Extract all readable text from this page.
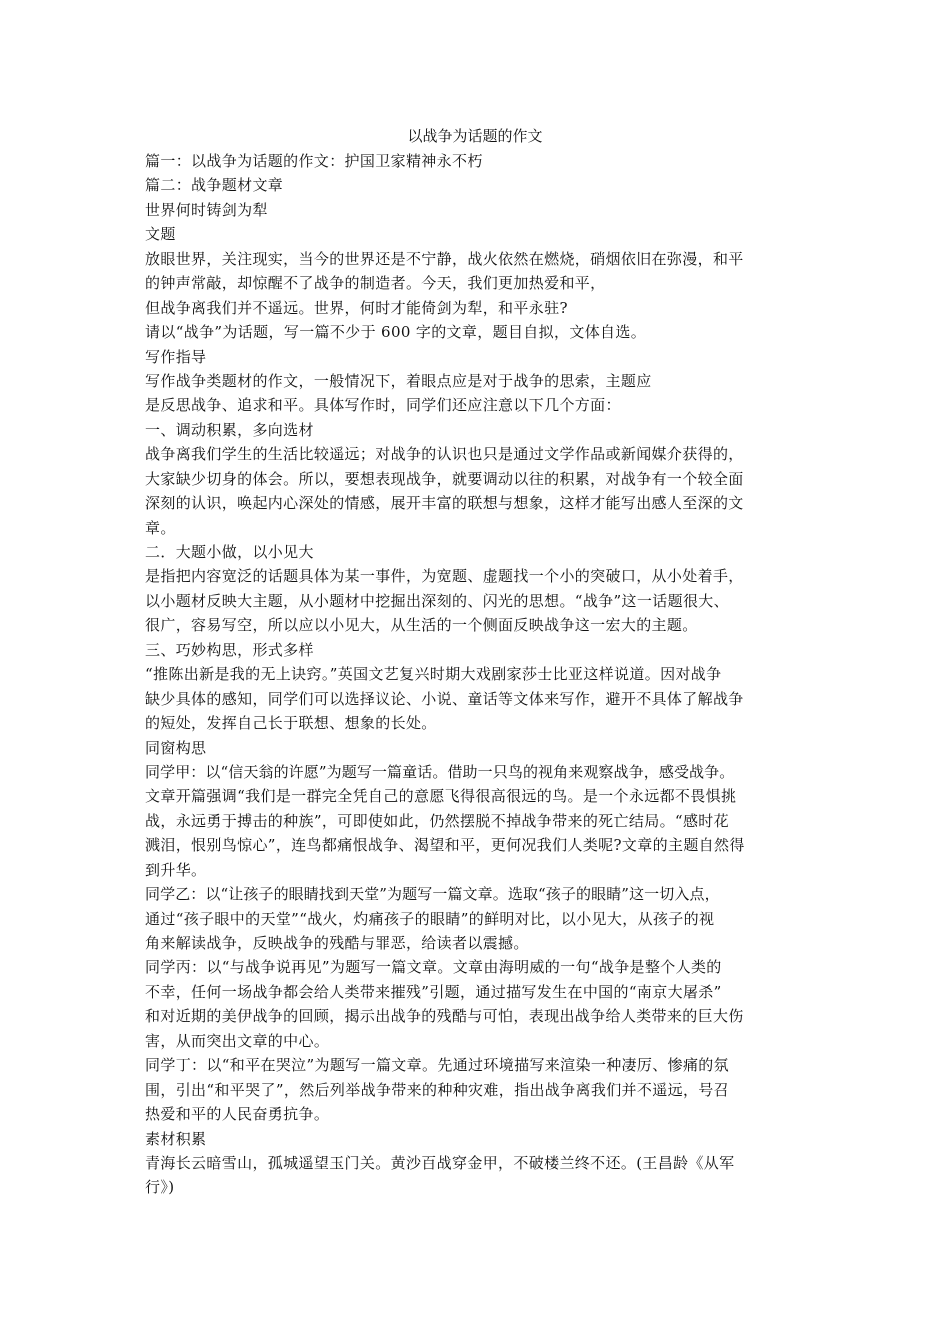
以战争为话题的作文
篇一：以战争为话题的作文：护国卫家精神永不朽
篇二：战争题材文章
世界何时铸剑为犁
文题
放眼世界，关注现实，当今的世界还是不宁静，战火依然在燃烧，硝烟依旧在弥漫，和平
的钟声常敲，却惊醒不了战争的制造者。今天，我们更加热爱和平，
但战争离我们并不遥远。世界，何时才能倚剑为犁，和平永驻?
请以“战争”为话题，写一篇不少于 600 字的文章，题目自拟，文体自选。
写作指导
写作战争类题材的作文，一般情况下，着眼点应是对于战争的思索，主题应
是反思战争、追求和平。具体写作时，同学们还应注意以下几个方面：
一、调动积累，多向选材
战争离我们学生的生活比较遥远；对战争的认识也只是通过文学作品或新闻媒介获得的，
大家缺少切身的体会。所以，要想表现战争，就要调动以往的积累，对战争有一个较全面
深刻的认识，唤起内心深处的情感，展开丰富的联想与想象，这样才能写出感人至深的文
章。
二．大题小做，以小见大
是指把内容宽泛的话题具体为某一事件，为宽题、虚题找一个小的突破口，从小处着手，
以小题材反映大主题，从小题材中挖掘出深刻的、闪光的思想。“战争”这一话题很大、
很广，容易写空，所以应以小见大，从生活的一个侧面反映战争这一宏大的主题。
三、巧妙构思，形式多样
“推陈出新是我的无上诀窍。”英国文艺复兴时期大戏剧家莎士比亚这样说道。因对战争
缺少具体的感知，同学们可以选择议论、小说、童话等文体来写作，避开不具体了解战争
的短处，发挥自己长于联想、想象的长处。
同窗构思
同学甲：以“信天翁的许愿”为题写一篇童话。借助一只鸟的视角来观察战争，感受战争。
文章开篇强调“我们是一群完全凭自己的意愿飞得很高很远的鸟。是一个永远都不畏惧挑
战，永远勇于搏击的种族”，可即使如此，仍然摆脱不掉战争带来的死亡结局。“感时花
溅泪，恨别鸟惊心”，连鸟都痛恨战争、渴望和平，更何况我们人类呢?文章的主题自然得
到升华。
同学乙：以“让孩子的眼睛找到天堂”为题写一篇文章。选取“孩子的眼睛”这一切入点，
通过“孩子眼中的天堂”“战火，灼痛孩子的眼睛”的鲜明对比，以小见大，从孩子的视
角来解读战争，反映战争的残酷与罪恶，给读者以震撼。
同学丙：以“与战争说再见”为题写一篇文章。文章由海明威的一句“战争是整个人类的
不幸，任何一场战争都会给人类带来摧残”引题，通过描写发生在中国的“南京大屠杀”
和对近期的美伊战争的回顾，揭示出战争的残酷与可怕，表现出战争给人类带来的巨大伤
害，从而突出文章的中心。
同学丁：以“和平在哭泣”为题写一篇文章。先通过环境描写来渲染一种凄厉、惨痛的氛
围，引出“和平哭了”，然后列举战争带来的种种灾难，指出战争离我们并不遥远，号召
热爱和平的人民奋勇抗争。
素材积累
青海长云暗雪山，孤城遥望玉门关。黄沙百战穿金甲，不破楼兰终不还。(王昌龄《从军
行》)
